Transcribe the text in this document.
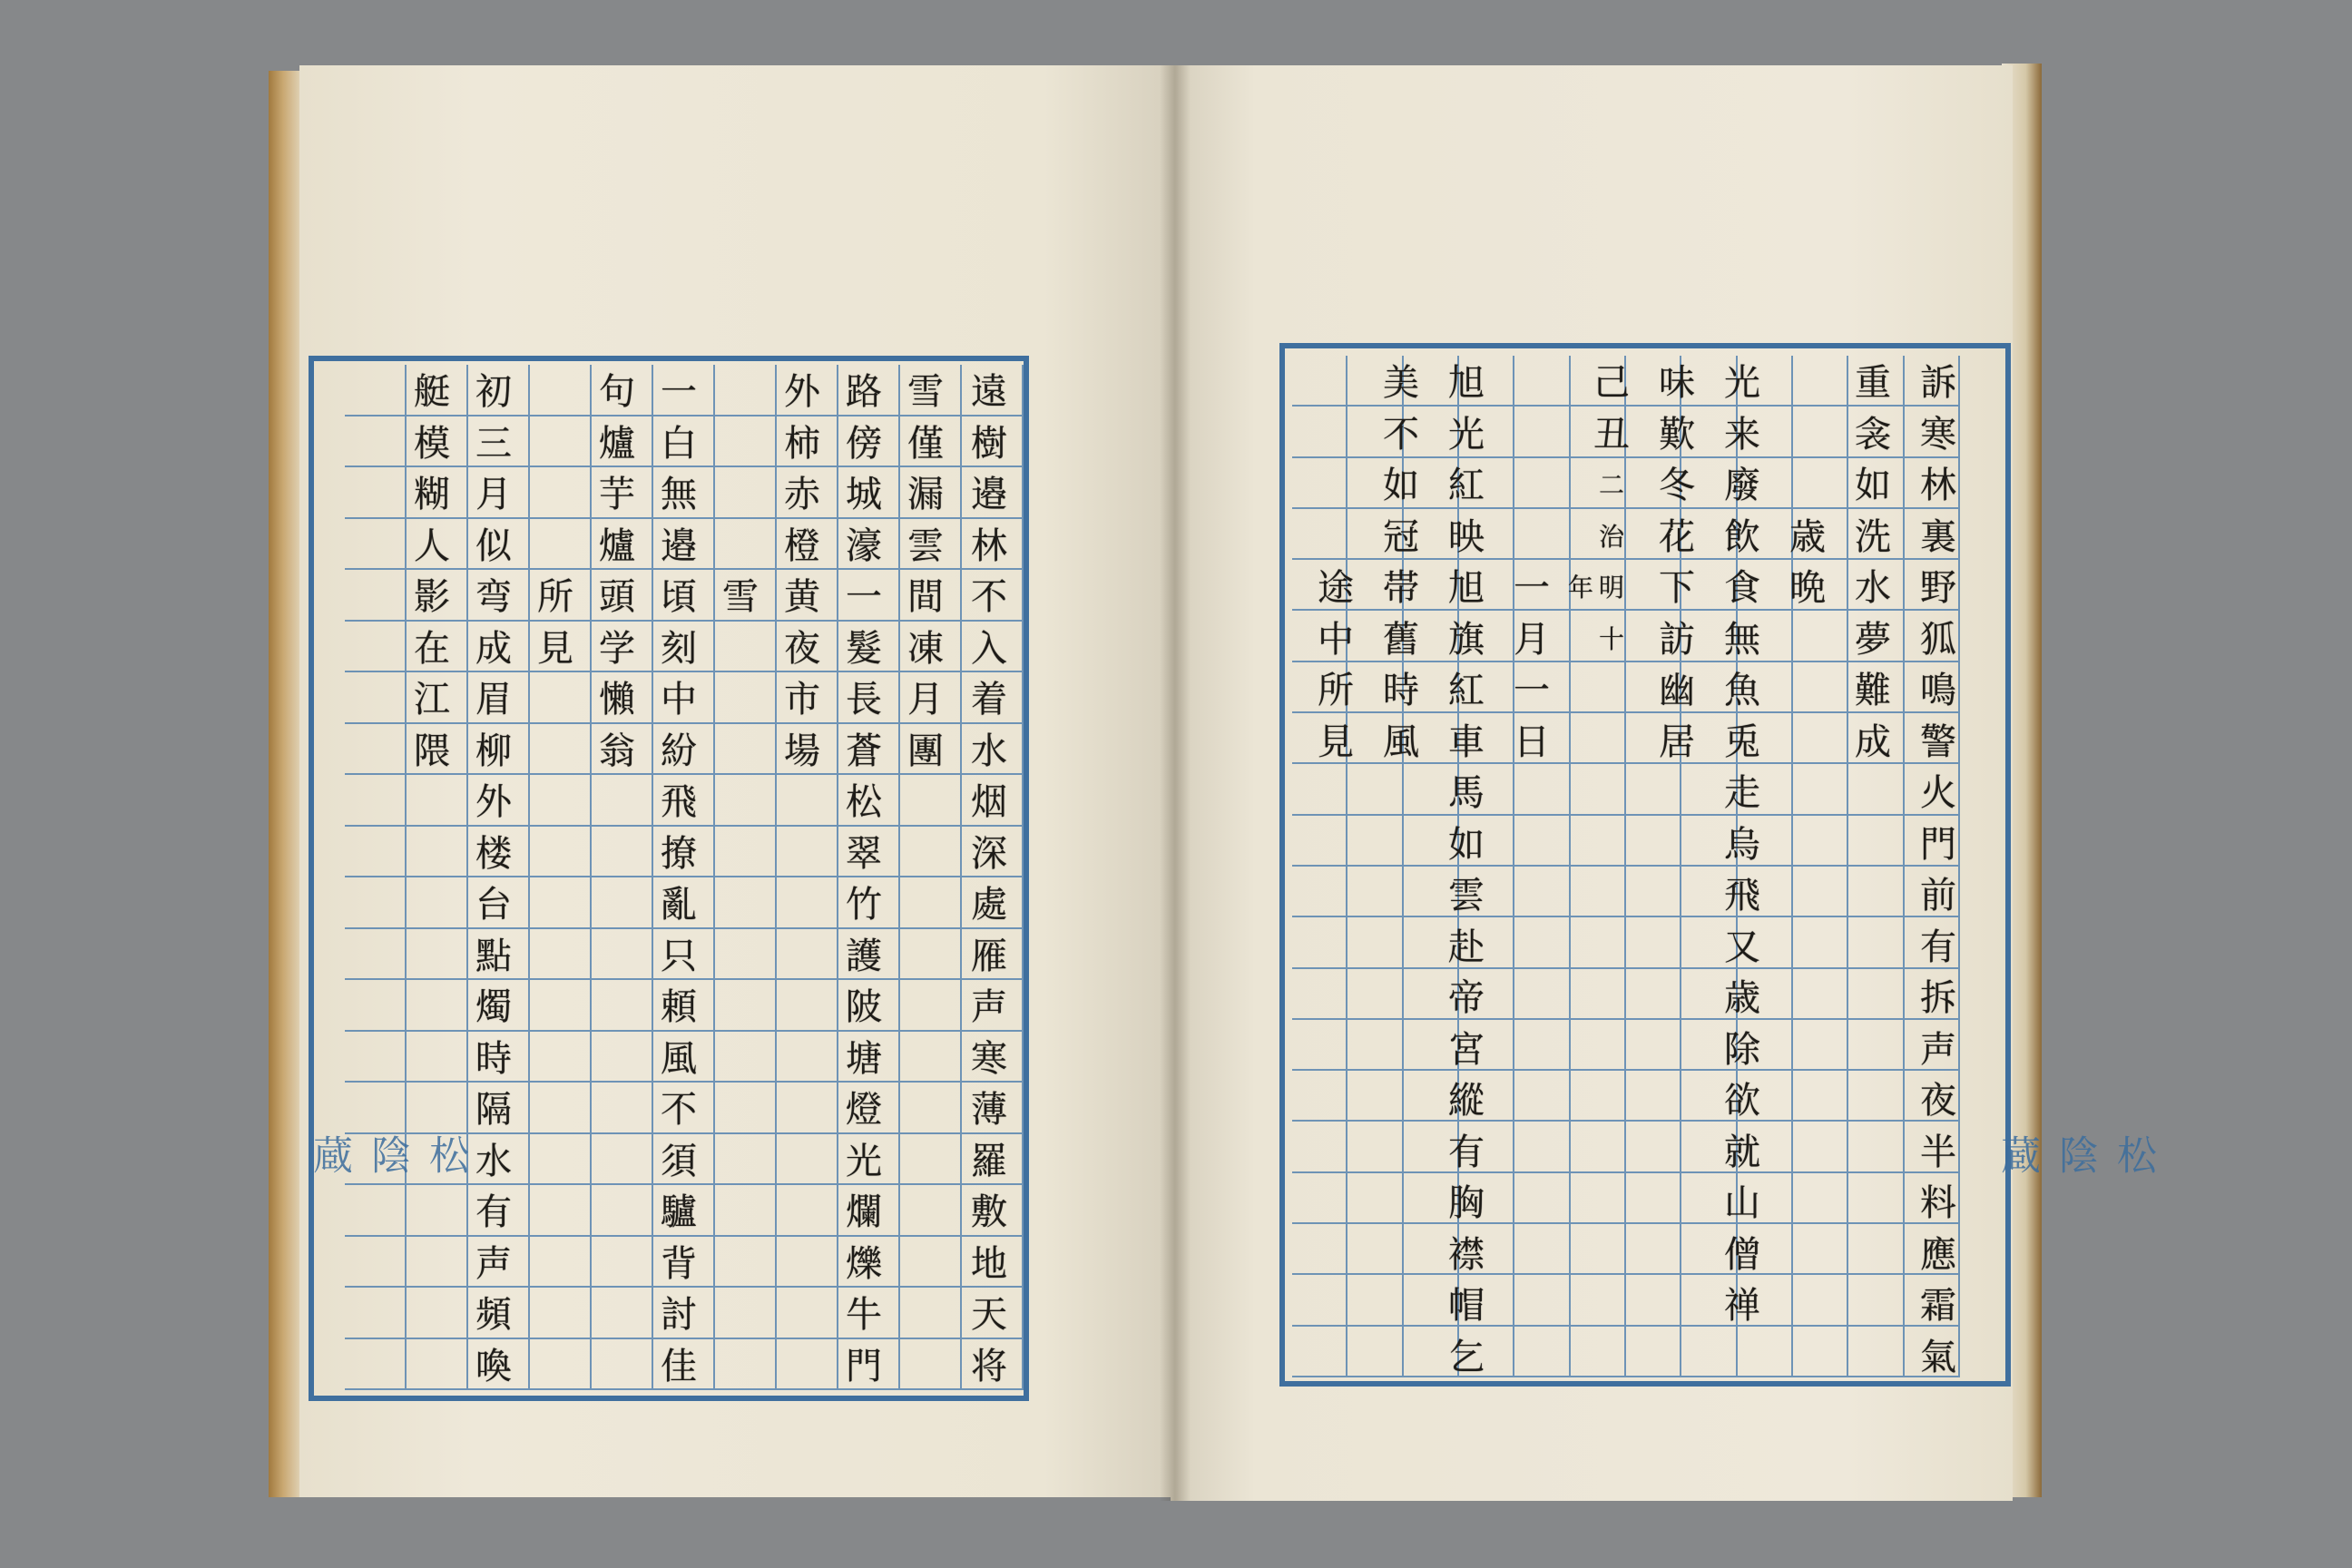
遠
樹
邉
林
不
入
着
水
烟
深
處
雁
声
寒
薄
羅
敷
地
天
将
雪
僅
漏
雲
間
凍
月
團
路
傍
城
濠
一
髮
長
蒼
松
翠
竹
護
陂
塘
燈
光
爛
爍
牛
門
外
柿
赤
橙
黄
夜
市
場
雪
一
白
無
邉
頃
刻
中
紛
飛
撩
亂
只
頼
風
不
須
驢
背
討
佳
句
爐
芋
爐
頭
学
懶
翁
所
見
初
三
月
似
弯
成
眉
柳
外
楼
台
點
燭
時
隔
水
有
声
頻
喚
艇
模
糊
人
影
在
江
隈
訴
寒
林
裏
野
狐
鳴
警
火
門
前
有
拆
声
夜
半
料
應
霜
氣
重
衾
如
洗
水
夢
難
成
歳
晩
光
来
廢
飲
食
無
魚
兎
走
烏
飛
又
歳
除
欲
就
山
僧
禅
味
歎
冬
花
下
訪
幽
居
己
丑
二
治
明
十
年
一
月
一
日
旭
光
紅
映
旭
旗
紅
車
馬
如
雲
赴
帝
宮
縱
有
胸
襟
帽
乞
美
不
如
冠
帯
舊
時
風
途
中
所
見
松陰蔵	松陰蔵
